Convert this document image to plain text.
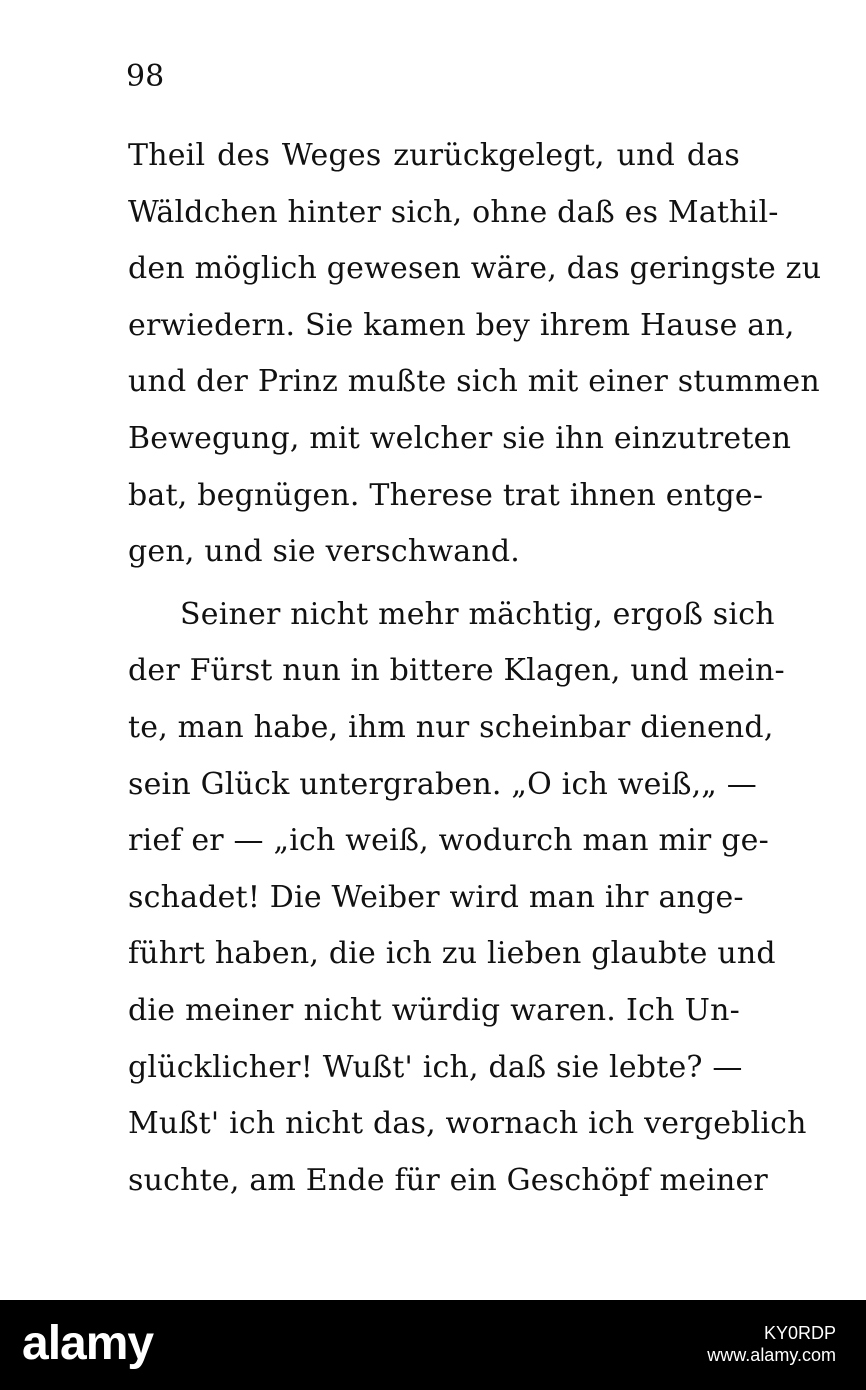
98
Theil des Weges zurückgelegt, und das
Wäldchen hinter sich, ohne daß es Mathil-
den möglich gewesen wäre, das geringste zu
erwiedern. Sie kamen bey ihrem Hause an,
und der Prinz mußte sich mit einer stummen
Bewegung, mit welcher sie ihn einzutreten
bat, begnügen. Therese trat ihnen entge-
gen, und sie verschwand.
Seiner nicht mehr mächtig, ergoß sich
der Fürst nun in bittere Klagen, und mein-
te, man habe, ihm nur scheinbar dienend,
sein Glück untergraben. „O ich weiß,„ —
rief er — „ich weiß, wodurch man mir ge-
schadet! Die Weiber wird man ihr ange-
führt haben, die ich zu lieben glaubte und
die meiner nicht würdig waren. Ich Un-
glücklicher! Wußt' ich, daß sie lebte? —
Mußt' ich nicht das, wornach ich vergeblich
suchte, am Ende für ein Geschöpf meiner
alamy	KY0RDP
www.alamy.com
